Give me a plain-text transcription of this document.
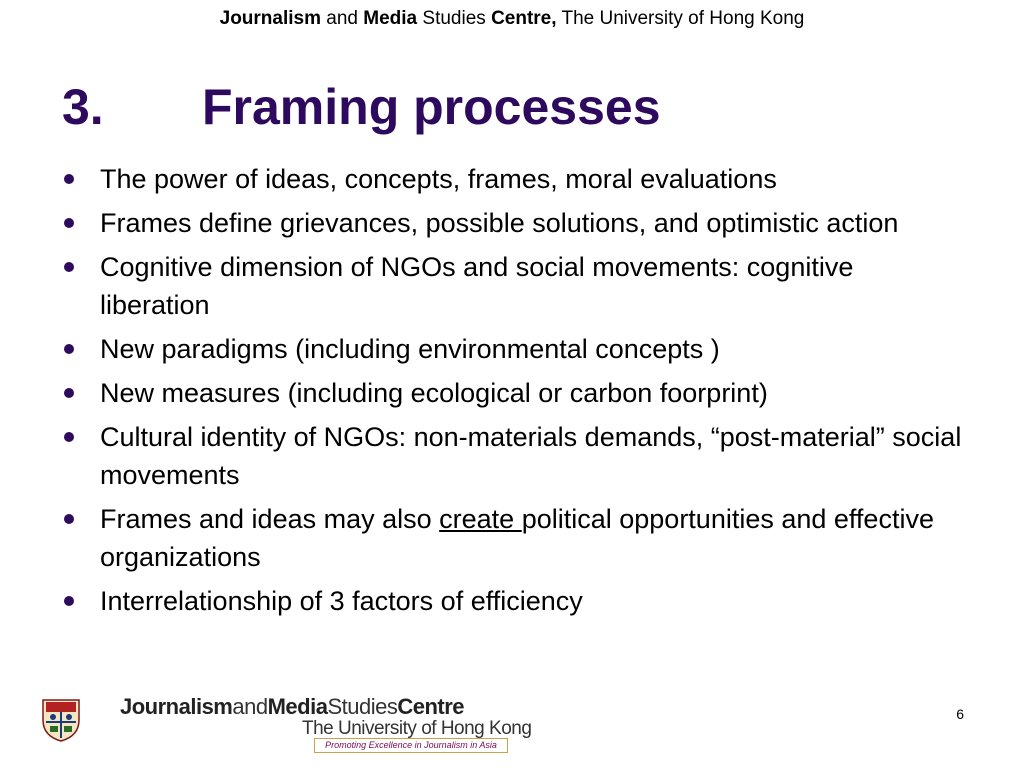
Journalism and Media Studies Centre, The University of Hong Kong
3. Framing processes
The power of ideas, concepts, frames, moral evaluations
Frames define grievances, possible solutions, and optimistic action
Cognitive dimension of NGOs and social movements: cognitive liberation
New paradigms (including environmental concepts )
New measures (including ecological or carbon foorprint)
Cultural identity of NGOs: non-materials demands, “post-material” social movements
Frames and ideas may also create political opportunities and effective organizations
Interrelationship of 3 factors of efficiency
JournalismandMediaStudiesCentre
The University of Hong Kong
Promoting Excellence in Journalism in Asia
6
